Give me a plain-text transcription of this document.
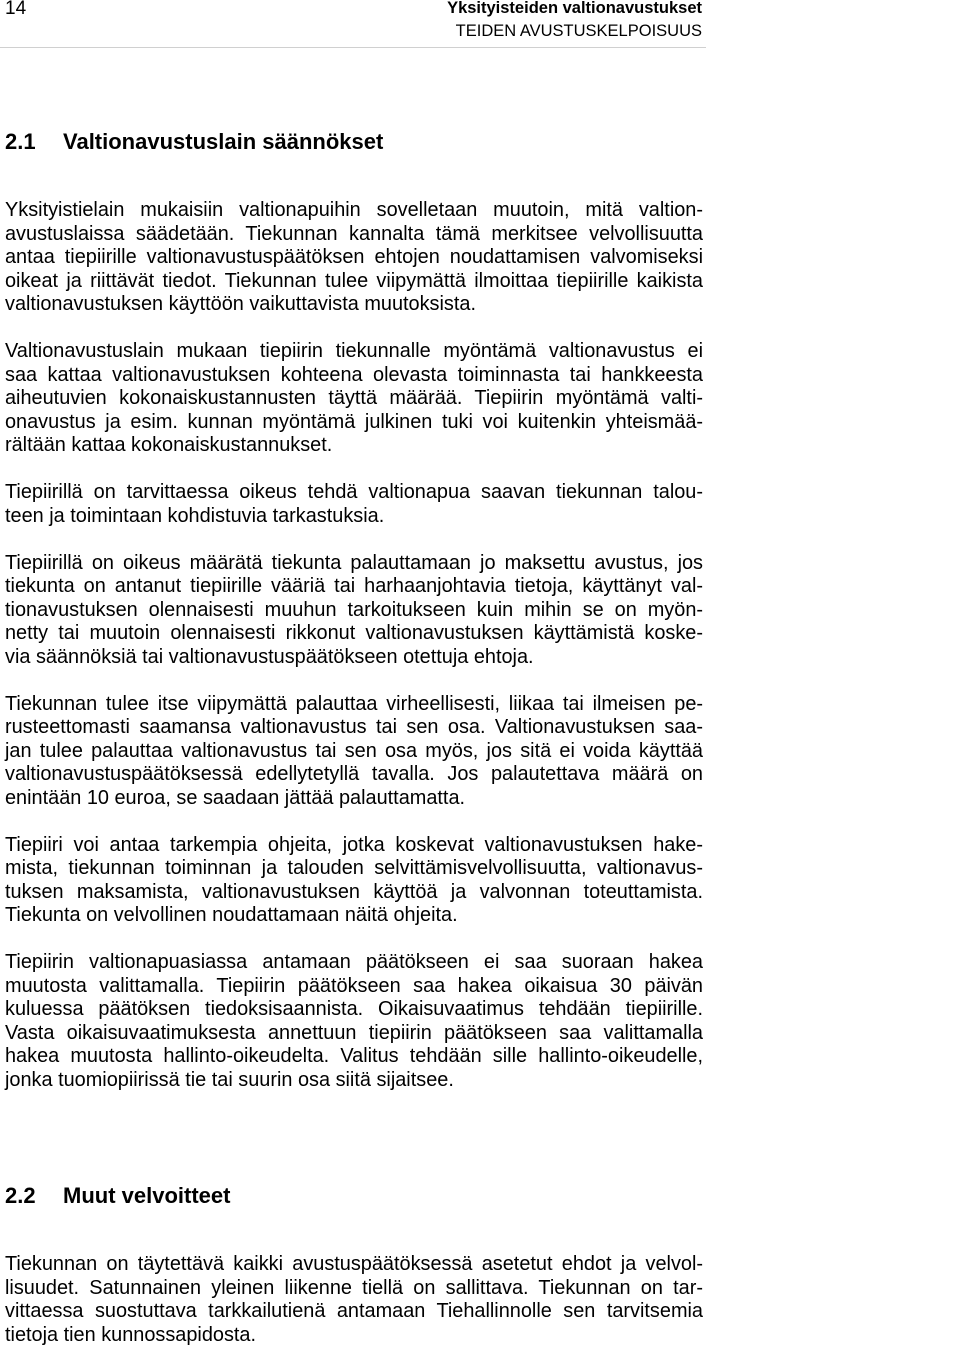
14	Yksityisteiden valtionavustukset
TEIDEN AVUSTUSKELPOISUUS
2.1 Valtionavustuslain säännökset
Yksityistielain mukaisiin valtionapuihin sovelletaan muutoin, mitä valtion-
avustuslaissa säädetään. Tiekunnan kannalta tämä merkitsee velvollisuutta
antaa tiepiirille valtionavustuspäätöksen ehtojen noudattamisen valvomiseksi
oikeat ja riittävät tiedot. Tiekunnan tulee viipymättä ilmoittaa tiepiirille kaikista
valtionavustuksen käyttöön vaikuttavista muutoksista.
Valtionavustuslain mukaan tiepiirin tiekunnalle myöntämä valtionavustus ei
saa kattaa valtionavustuksen kohteena olevasta toiminnasta tai hankkeesta
aiheutuvien kokonaiskustannusten täyttä määrää. Tiepiirin myöntämä valti-
onavustus ja esim. kunnan myöntämä julkinen tuki voi kuitenkin yhteismää-
rältään kattaa kokonaiskustannukset.
Tiepiirillä on tarvittaessa oikeus tehdä valtionapua saavan tiekunnan talou-
teen ja toimintaan kohdistuvia tarkastuksia.
Tiepiirillä on oikeus määrätä tiekunta palauttamaan jo maksettu avustus, jos
tiekunta on antanut tiepiirille vääriä tai harhaanjohtavia tietoja, käyttänyt val-
tionavustuksen olennaisesti muuhun tarkoitukseen kuin mihin se on myön-
netty tai muutoin olennaisesti rikkonut valtionavustuksen käyttämistä koske-
via säännöksiä tai valtionavustuspäätökseen otettuja ehtoja.
Tiekunnan tulee itse viipymättä palauttaa virheellisesti, liikaa tai ilmeisen pe-
rusteettomasti saamansa valtionavustus tai sen osa. Valtionavustuksen saa-
jan tulee palauttaa valtionavustus tai sen osa myös, jos sitä ei voida käyttää
valtionavustuspäätöksessä edellytetyllä tavalla. Jos palautettava määrä on
enintään 10 euroa, se saadaan jättää palauttamatta.
Tiepiiri voi antaa tarkempia ohjeita, jotka koskevat valtionavustuksen hake-
mista, tiekunnan toiminnan ja talouden selvittämisvelvollisuutta, valtionavus-
tuksen maksamista, valtionavustuksen käyttöä ja valvonnan toteuttamista.
Tiekunta on velvollinen noudattamaan näitä ohjeita.
Tiepiirin valtionapuasiassa antamaan päätökseen ei saa suoraan hakea
muutosta valittamalla. Tiepiirin päätökseen saa hakea oikaisua 30 päivän
kuluessa päätöksen tiedoksisaannista. Oikaisuvaatimus tehdään tiepiirille.
Vasta oikaisuvaatimuksesta annettuun tiepiirin päätökseen saa valittamalla
hakea muutosta hallinto-oikeudelta. Valitus tehdään sille hallinto-oikeudelle,
jonka tuomiopiirissä tie tai suurin osa siitä sijaitsee.
2.2 Muut velvoitteet
Tiekunnan on täytettävä kaikki avustuspäätöksessä asetetut ehdot ja velvol-
lisuudet. Satunnainen yleinen liikenne tiellä on sallittava. Tiekunnan on tar-
vittaessa suostuttava tarkkailutienä antamaan Tiehallinnolle sen tarvitsemia
tietoja tien kunnossapidosta.
